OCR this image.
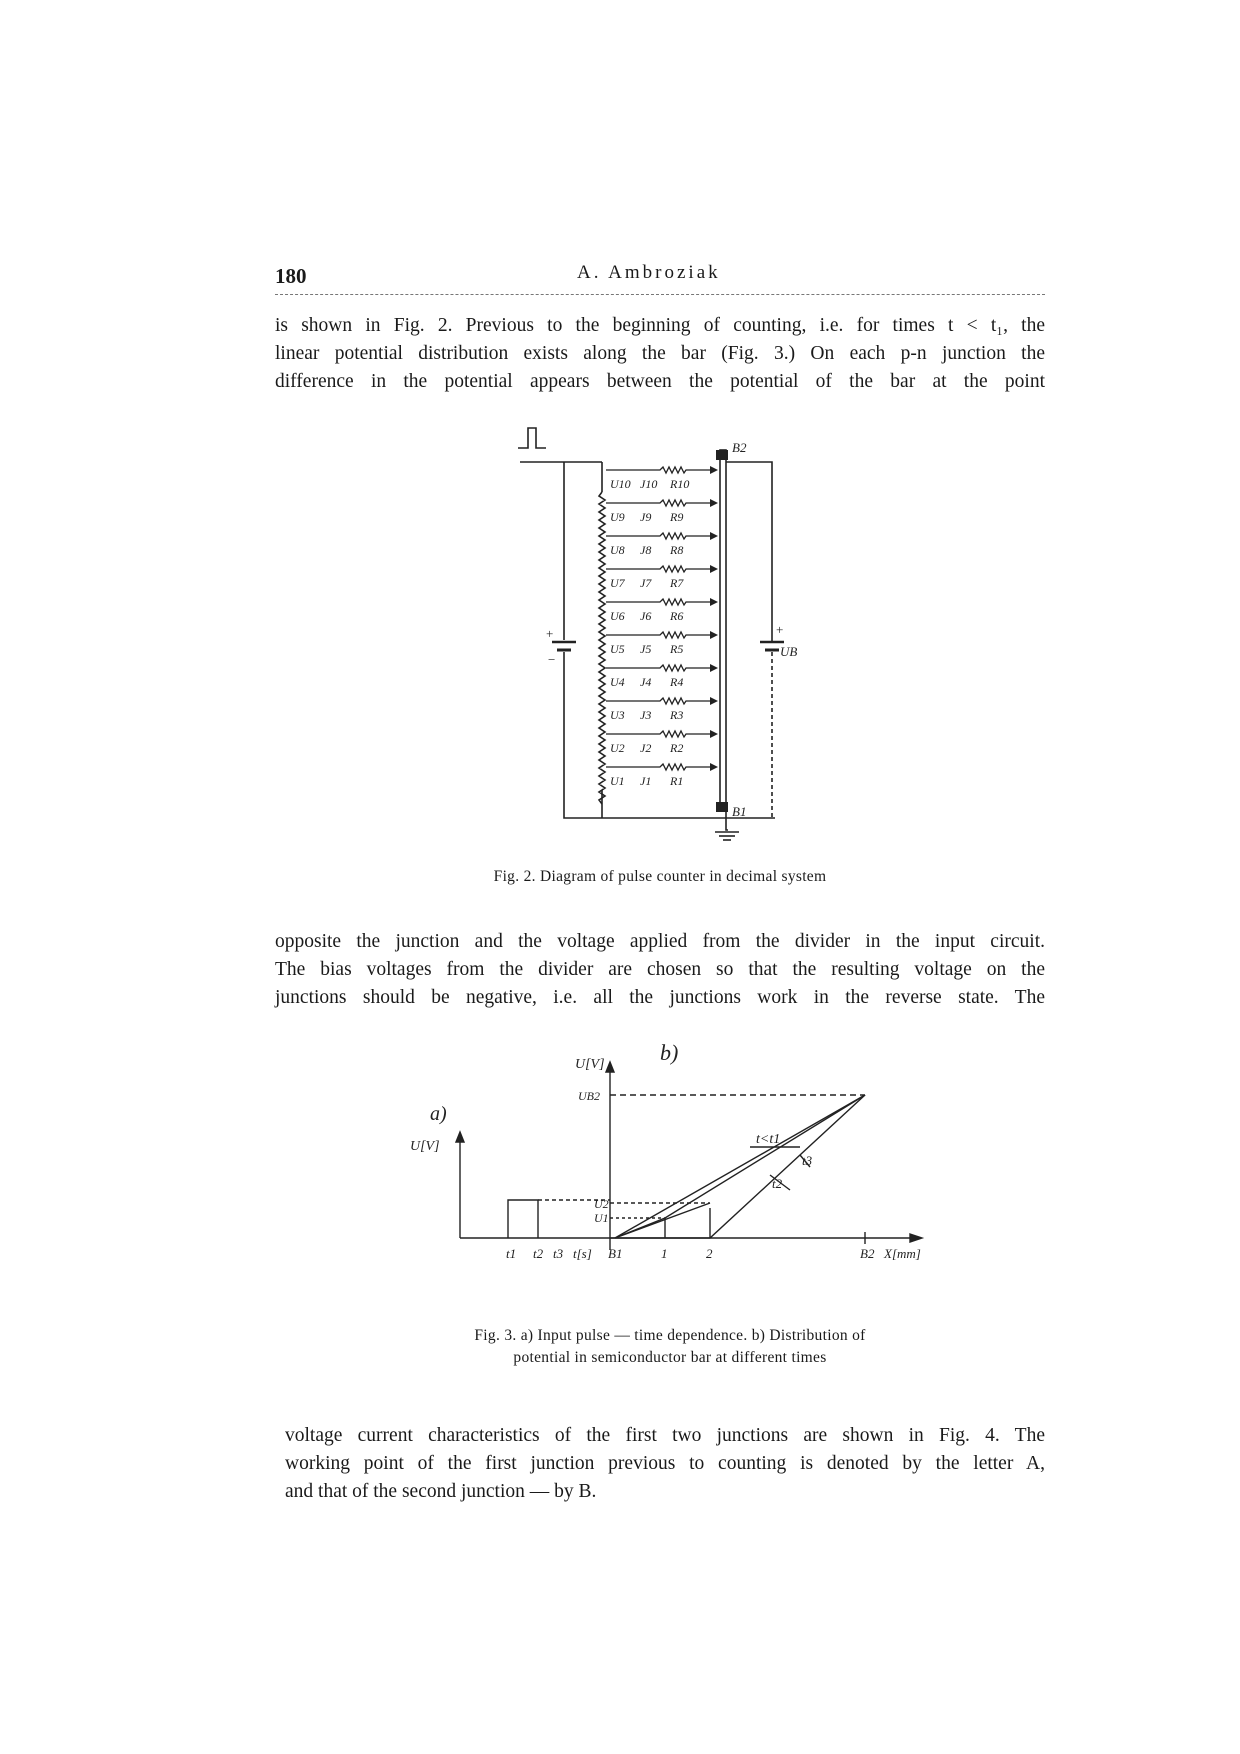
180	A. Ambroziak
is shown in Fig. 2. Previous to the beginning of counting, i.e. for times t < t₁, the
linear potential distribution exists along the bar (Fig. 3.) On each p-n junction the
difference in the potential appears between the potential of the bar at the point
U10 J10 R10
U9 J9 R9
U8 J8 R8
U7 J7 R7
U6 J6 R6
U5 J5 R5
U4 J4 R4
U3 J3 R3
U2 J2 R2
U1 J1 R1
B2
B1
UB
+
+
−
Fig. 2. Diagram of pulse counter in decimal system
opposite the junction and the voltage applied from the divider in the input circuit.
The bias voltages from the divider are chosen so that the resulting voltage on the
junctions should be negative, i.e. all the junctions work in the reverse state. The
a)
U[V]
t1 t2 t3 t[s]
b)
U[V]
UB2
U2
U1
B1	1	2	B2 X[mm]
t<t1
t3
t2
Fig. 3. a) Input pulse — time dependence. b) Distribution of
potential in semiconductor bar at different times
voltage current characteristics of the first two junctions are shown in Fig. 4. The
working point of the first junction previous to counting is denoted by the letter A,
and that of the second junction — by B.
